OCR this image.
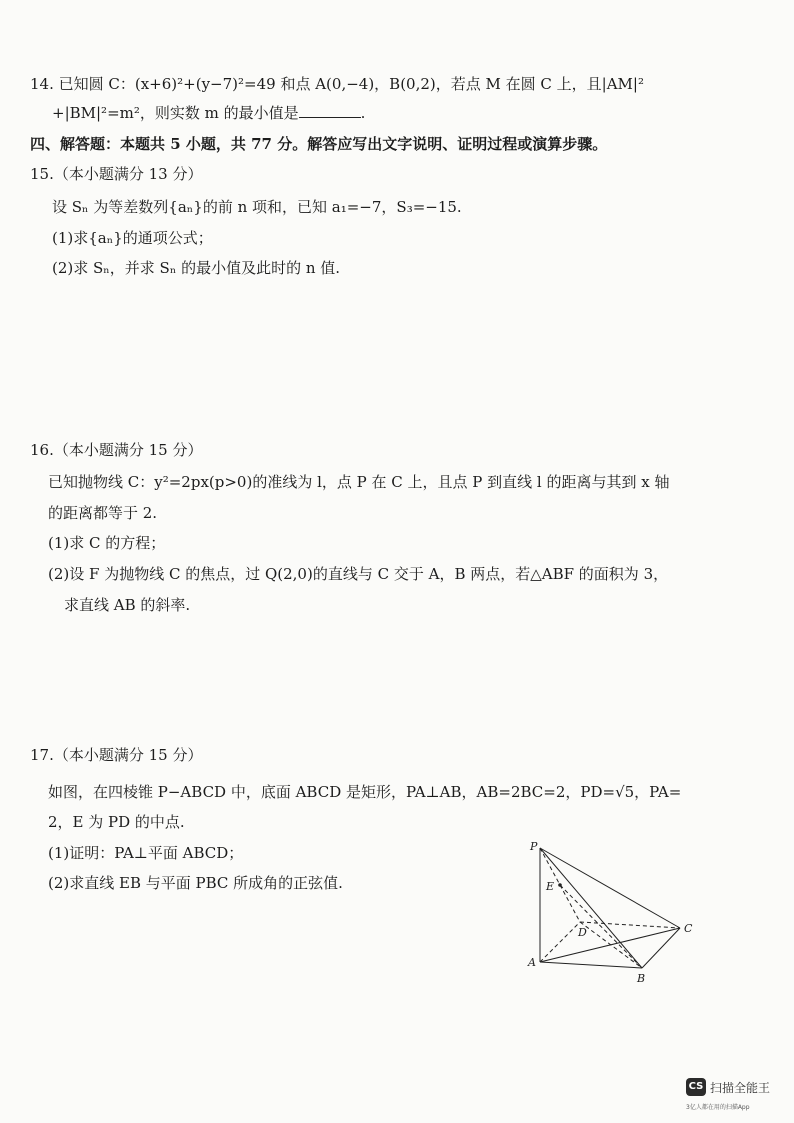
14. 已知圆 C：(x+6)²+(y−7)²=49 和点 A(0,−4)，B(0,2)，若点 M 在圆 C 上，且|AM|²
+|BM|²=m²，则实数 m 的最小值是	.
四、解答题：本题共 5 小题，共 77 分。解答应写出文字说明、证明过程或演算步骤。
15.（本小题满分 13 分）
设 Sₙ 为等差数列{aₙ}的前 n 项和，已知 a₁=−7，S₃=−15.
(1)求{aₙ}的通项公式；
(2)求 Sₙ，并求 Sₙ 的最小值及此时的 n 值.
16.（本小题满分 15 分）
已知抛物线 C：y²=2px(p>0)的准线为 l，点 P 在 C 上，且点 P 到直线 l 的距离与其到 x 轴
的距离都等于 2.
(1)求 C 的方程；
(2)设 F 为抛物线 C 的焦点，过 Q(2,0)的直线与 C 交于 A，B 两点，若△ABF 的面积为 3，
求直线 AB 的斜率.
17.（本小题满分 15 分）
如图，在四棱锥 P−ABCD 中，底面 ABCD 是矩形，PA⊥AB，AB=2BC=2，PD=√5，PA=
2，E 为 PD 的中点.
(1)证明：PA⊥平面 ABCD；
(2)求直线 EB 与平面 PBC 所成角的正弦值.
P
E
D	C
A
B
CS 扫描全能王
3亿人都在用的扫描App
